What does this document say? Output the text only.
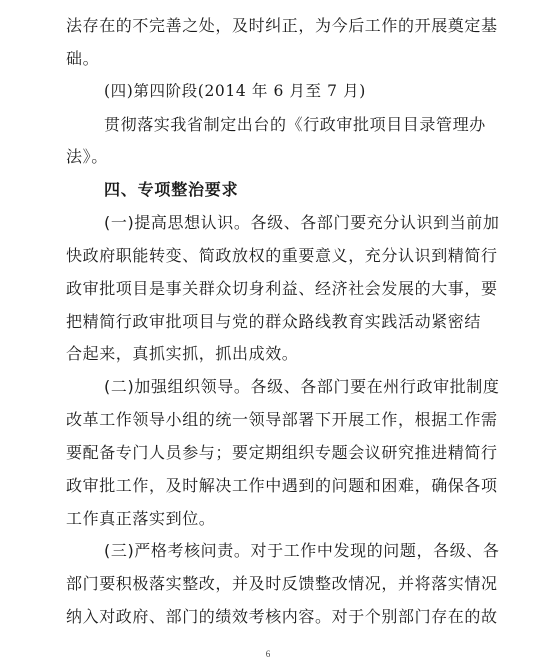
法存在的不完善之处，及时纠正，为今后工作的开展奠定基
础。
(四)第四阶段(2014 年 6 月至 7 月)
贯彻落实我省制定出台的《行政审批项目目录管理办
法》。
四、专项整治要求
(一)提高思想认识。各级、各部门要充分认识到当前加
快政府职能转变、简政放权的重要意义，充分认识到精简行
政审批项目是事关群众切身利益、经济社会发展的大事，要
把精简行政审批项目与党的群众路线教育实践活动紧密结
合起来，真抓实抓，抓出成效。
(二)加强组织领导。各级、各部门要在州行政审批制度
改革工作领导小组的统一领导部署下开展工作，根据工作需
要配备专门人员参与；要定期组织专题会议研究推进精简行
政审批工作，及时解决工作中遇到的问题和困难，确保各项
工作真正落实到位。
(三)严格考核问责。对于工作中发现的问题，各级、各
部门要积极落实整改，并及时反馈整改情况，并将落实情况
纳入对政府、部门的绩效考核内容。对于个别部门存在的故
6
